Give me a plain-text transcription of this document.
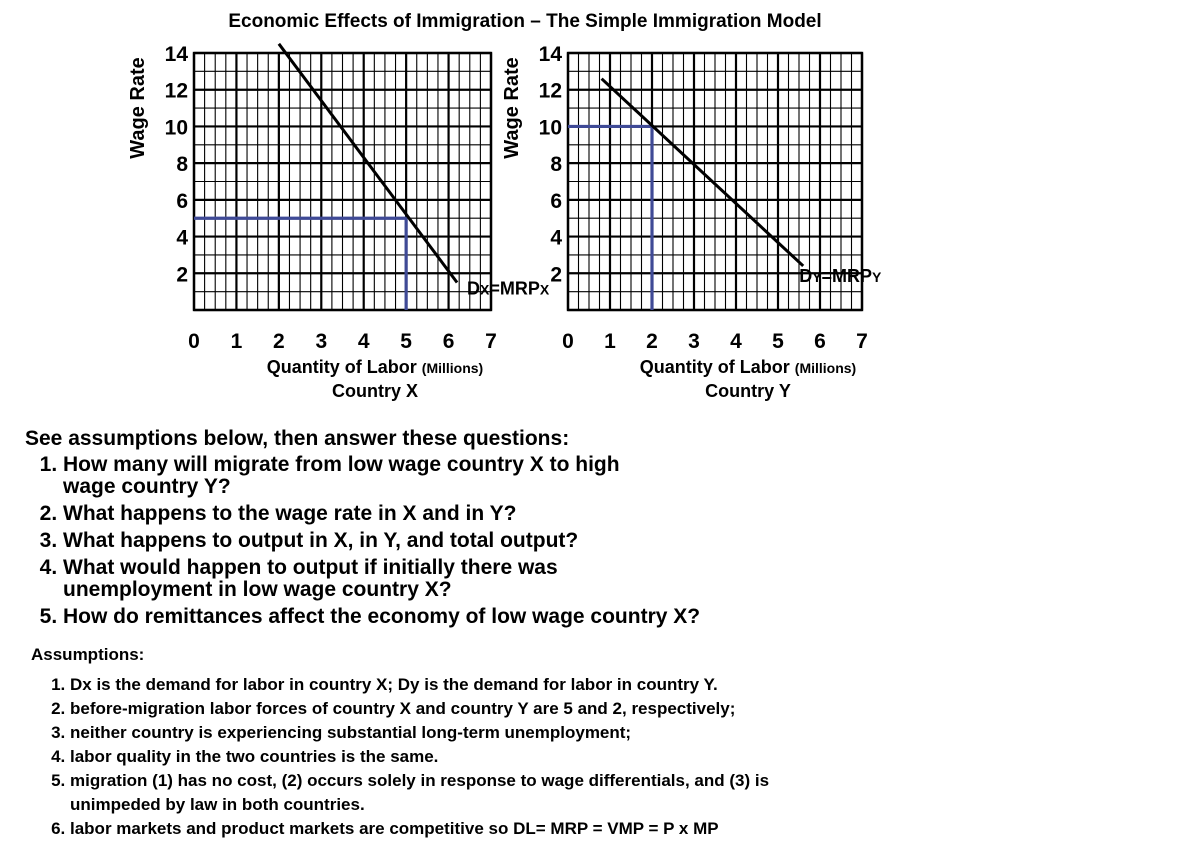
Economic Effects of Immigration – The Simple Immigration Model
14
12
10
8
6
4
2
0 1 2 3 4 5 6 7
Wage Rate
DX=MRPX
Quantity of Labor (Millions)
Country X
14
12
10
8
6
4
2
0 1 2 3 4 5 6 7
Wage Rate
DY=MRPY
Quantity of Labor (Millions)
Country Y
See assumptions below, then answer these questions:
1. How many will migrate from low wage country X to high wage country Y?
2. What happens to the wage rate in X and in Y?
3. What happens to output in X, in Y, and total output?
4. What would happen to output if initially there was unemployment in low wage country X?
5. How do remittances affect the economy of low wage country X?
Assumptions:
1. Dx is the demand for labor in country X; Dy is the demand for labor in country Y.
2. before-migration labor forces of country X and country Y are 5 and 2, respectively;
3. neither country is experiencing substantial long-term unemployment;
4. labor quality in the two countries is the same.
5. migration (1) has no cost, (2) occurs solely in response to wage differentials, and (3) is unimpeded by law in both countries.
6. labor markets and product markets are competitive so DL= MRP = VMP = P x MP
